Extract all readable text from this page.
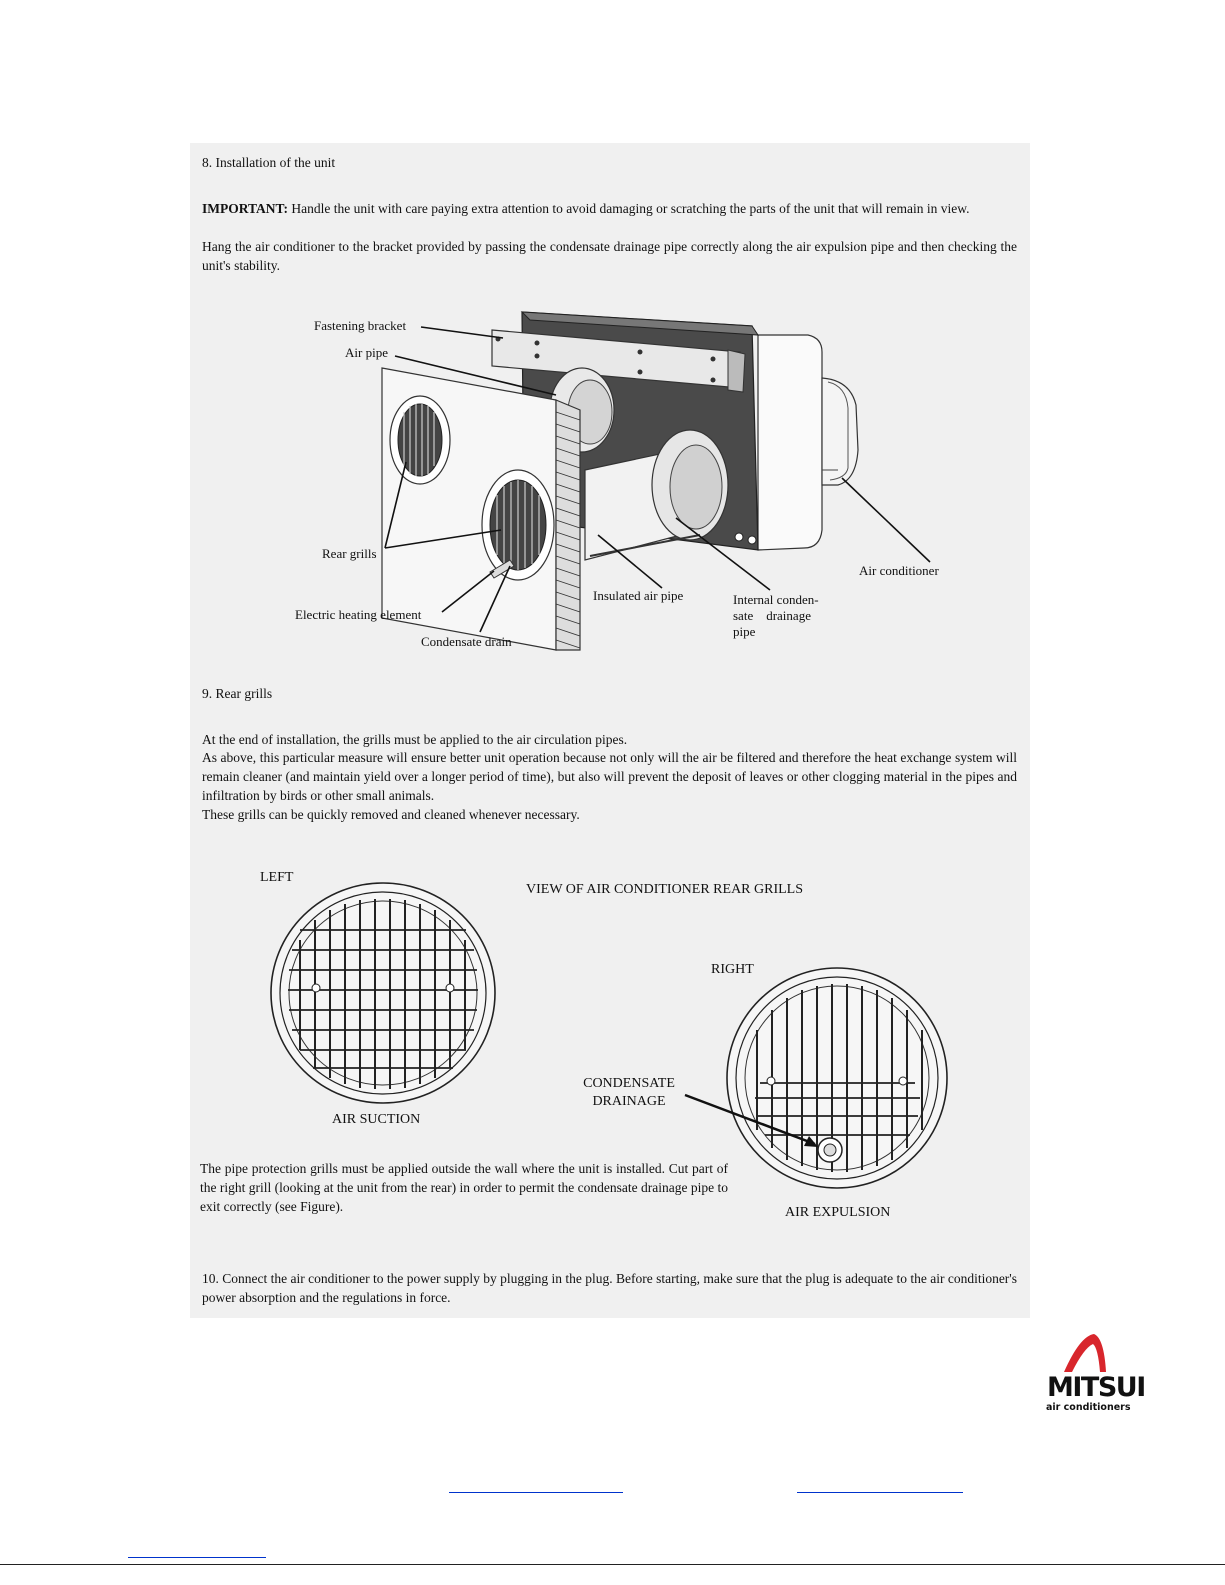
8. Installation of the unit
IMPORTANT: Handle the unit with care paying extra attention to avoid damaging or scratching the parts of the unit that will remain in view.
Hang the air conditioner to the bracket provided by passing the condensate drainage pipe correctly along the air expulsion pipe and then checking the unit's stability.
Fastening bracket
Air pipe
Rear grills
Electric heating element
Condensate drain
Insulated air pipe	Internal conden-
sate    drainage
pipe
Air conditioner
9. Rear grills
At the end of installation, the grills must be applied to the air circulation pipes.
As above, this particular measure will ensure better unit operation because not only will the air be filtered and therefore the heat exchange system will remain cleaner (and maintain yield over a longer period of time), but also will prevent the deposit of leaves or other clogging material in the pipes and infiltration by birds or other small animals.
These grills can be quickly removed and cleaned whenever necessary.
LEFT
VIEW OF AIR CONDITIONER REAR GRILLS
RIGHT
CONDENSATE
DRAINAGE
AIR SUCTION
AIR EXPULSION
The pipe protection grills must be applied outside the wall where the unit is installed. Cut part of the right grill (looking at the unit from the rear) in order to permit the condensate drainage pipe to exit correctly (see Figure).
10. Connect the air conditioner to the power supply by plugging in the plug. Before starting, make sure that the plug is adequate to the air conditioner's power absorption and the regulations in force.
MITSUI
air conditioners
